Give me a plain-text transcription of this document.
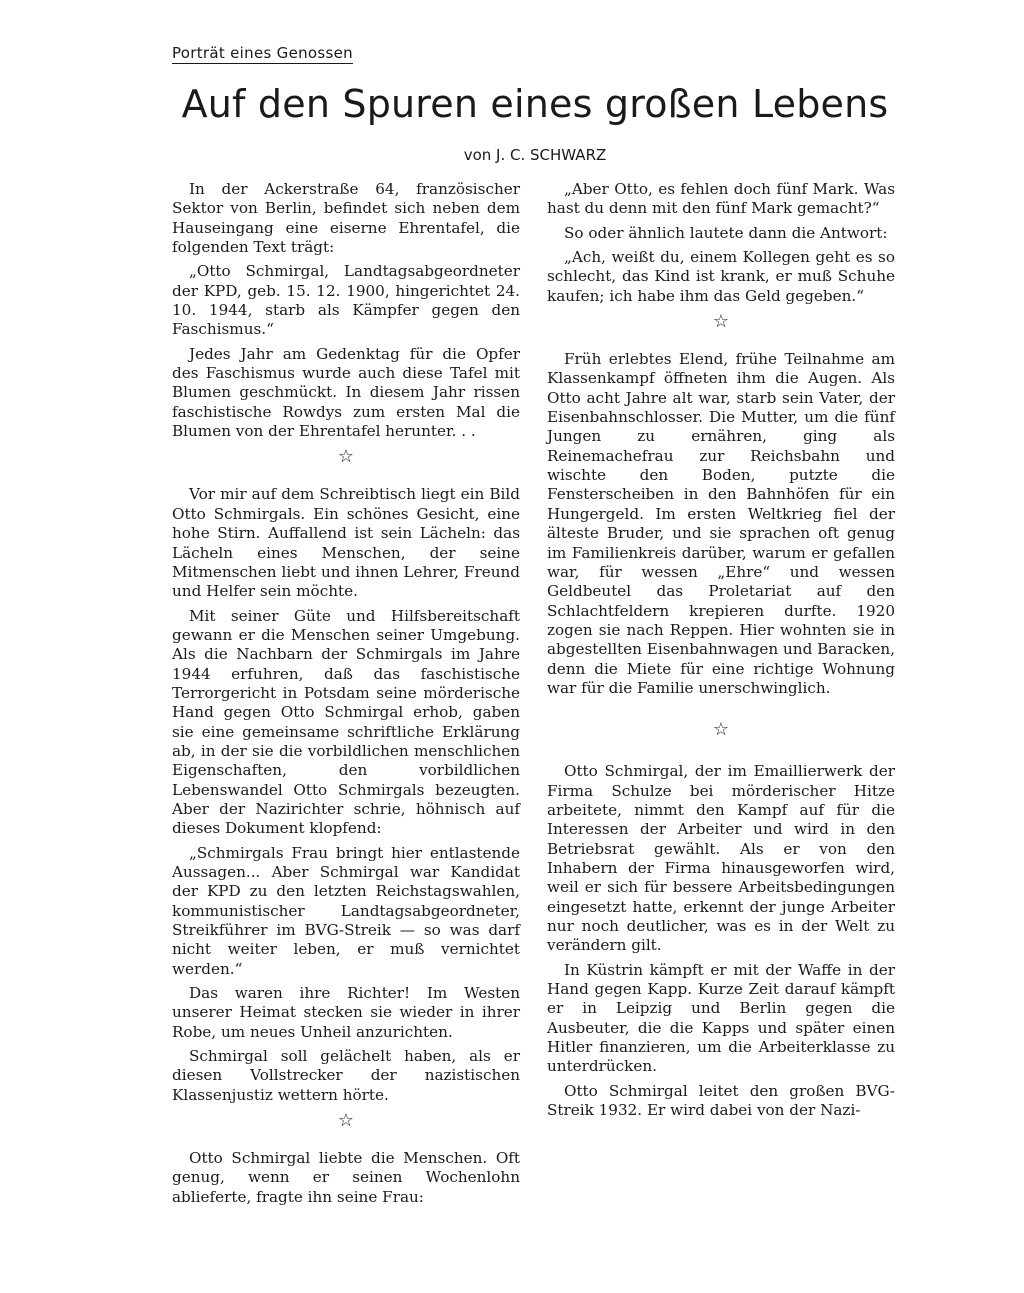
Porträt eines Genossen
Auf den Spuren eines großen Lebens
von J. C. SCHWARZ

In der Ackerstraße 64, französischer Sektor von Berlin, befindet sich neben dem Hauseingang eine eiserne Ehrentafel, die folgenden Text trägt:

„Otto Schmirgal, Landtagsabgeordneter der KPD, geb. 15. 12. 1900, hingerichtet 24. 10. 1944, starb als Kämpfer gegen den Faschismus.“

Jedes Jahr am Gedenktag für die Opfer des Faschismus wurde auch diese Tafel mit Blumen geschmückt. In diesem Jahr rissen faschistische Rowdys zum ersten Mal die Blumen von der Ehrentafel herunter. . .

☆

Vor mir auf dem Schreibtisch liegt ein Bild Otto Schmirgals. Ein schönes Gesicht, eine hohe Stirn. Auffallend ist sein Lächeln: das Lächeln eines Menschen, der seine Mitmenschen liebt und ihnen Lehrer, Freund und Helfer sein möchte.

Mit seiner Güte und Hilfsbereitschaft gewann er die Menschen seiner Umgebung. Als die Nachbarn der Schmirgals im Jahre 1944 erfuhren, daß das faschistische Terrorgericht in Potsdam seine mörderische Hand gegen Otto Schmirgal erhob, gaben sie eine gemeinsame schriftliche Erklärung ab, in der sie die vorbildlichen menschlichen Eigenschaften, den vorbildlichen Lebenswandel Otto Schmirgals bezeugten. Aber der Nazirichter schrie, höhnisch auf dieses Dokument klopfend:

„Schmirgals Frau bringt hier entlastende Aussagen... Aber Schmirgal war Kandidat der KPD zu den letzten Reichstagswahlen, kommunistischer Landtagsabgeordneter, Streikführer im BVG-Streik — so was darf nicht weiter leben, er muß vernichtet werden.“

Das waren ihre Richter! Im Westen unserer Heimat stecken sie wieder in ihrer Robe, um neues Unheil anzurichten.

Schmirgal soll gelächelt haben, als er diesen Vollstrecker der nazistischen Klassenjustiz wettern hörte.

☆

Otto Schmirgal liebte die Menschen. Oft genug, wenn er seinen Wochenlohn ablieferte, fragte ihn seine Frau:

„Aber Otto, es fehlen doch fünf Mark. Was hast du denn mit den fünf Mark gemacht?“

So oder ähnlich lautete dann die Antwort:

„Ach, weißt du, einem Kollegen geht es so schlecht, das Kind ist krank, er muß Schuhe kaufen; ich habe ihm das Geld gegeben.“

☆

Früh erlebtes Elend, frühe Teilnahme am Klassenkampf öffneten ihm die Augen. Als Otto acht Jahre alt war, starb sein Vater, der Eisenbahnschlosser. Die Mutter, um die fünf Jungen zu ernähren, ging als Reinemachefrau zur Reichsbahn und wischte den Boden, putzte die Fensterscheiben in den Bahnhöfen für ein Hungergeld. Im ersten Weltkrieg fiel der älteste Bruder, und sie sprachen oft genug im Familienkreis darüber, warum er gefallen war, für wessen „Ehre“ und wessen Geldbeutel das Proletariat auf den Schlachtfeldern krepieren durfte. 1920 zogen sie nach Reppen. Hier wohnten sie in abgestellten Eisenbahnwagen und Baracken, denn die Miete für eine richtige Wohnung war für die Familie unerschwinglich.

☆

Otto Schmirgal, der im Emaillierwerk der Firma Schulze bei mörderischer Hitze arbeitete, nimmt den Kampf auf für die Interessen der Arbeiter und wird in den Betriebsrat gewählt. Als er von den Inhabern der Firma hinausgeworfen wird, weil er sich für bessere Arbeitsbedingungen eingesetzt hatte, erkennt der junge Arbeiter nur noch deutlicher, was es in der Welt zu verändern gilt.

In Küstrin kämpft er mit der Waffe in der Hand gegen Kapp. Kurze Zeit darauf kämpft er in Leipzig und Berlin gegen die Ausbeuter, die die Kapps und später einen Hitler finanzieren, um die Arbeiterklasse zu unterdrücken.

Otto Schmirgal leitet den großen BVG-Streik 1932. Er wird dabei von der Nazi-
